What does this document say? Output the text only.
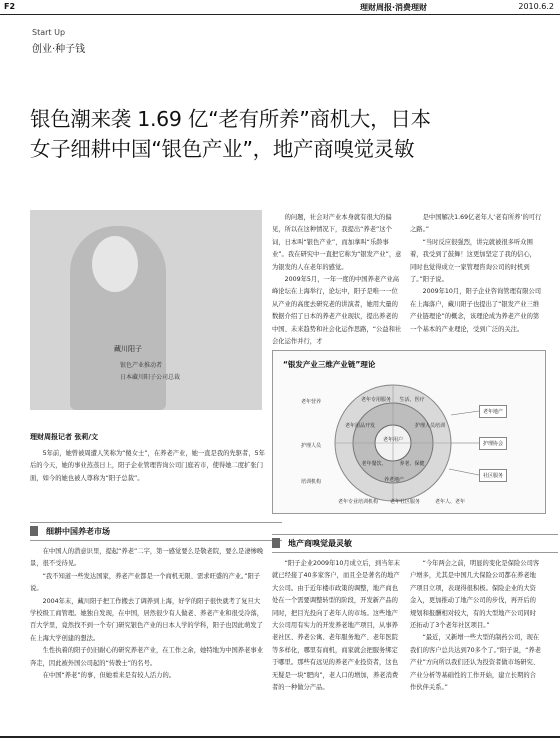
F2	理财周报·消费理财	2010.6.2
Start Up
创业·种子钱
银色潮来袭 1.69 亿“老有所养”商机大，日本
女子细耕中国“银色产业”，地产商嗅觉灵敏
藏川阳子
银色产业推动者
日本藏川阳子公司总裁
理财周报记者 张莉/文

5年前，她曾被周遭人笑称为“傻女士”，在养老产业，她一直是我的先驱者，5年后的今天，她的事业蒸蒸日上，阳子企业管理咨询公司门庭若市，使得她二度扩张门面，如今的她也被人尊称为“阳子总裁”。

细耕中国养老市场

在中国人的潜意识里，提起“养老”二字，第一感觉要么是敬老院，要么是凄惨晚景，很不受待见。

“我不知道一些发达国家，养老产业都是一个商机无限、需求旺盛的产业。”阳子说。

2004年末，藏川阳子把工作搬去了调养到上海，好学的阳子很快就考了复旦大学校级工商管理。她独自发现，在中国，居然很少有人做老、养老产业和很受冷落，百大学里，竟然找不到一个专门研究银色产业的日本人学的学科，阳子也因此萌发了在上海大学创建的想法。

生性执着的阳子仍旧耐心的研究养老产业，在工作之余，她特地为中国养老事业奔走，因此被外国公司起的“传教士”的名号。

在中国“养老”的事，但她看来是有较人活力的。

的问题，社会对产业本身就有很大的偏见，所以在这种情况下，我提出“养老”这个词，日本叫“银色产业”，而加拿叫“乐龄事业”。我在研究中一直把它称为“银发产业”，意为银发的人在老年的感觉。

2009年5月，一年一度的中国养老产业高峰论坛在上海举行，论坛中，阳子是唯一一位从产业的高度去研究老的讲演者，她用大量的数据介绍了日本的养老产业现状，提出养老的中国、未来趋势和社会化运作思路，“公益和社会化运作并行，才

是中国解决1.69亿老年人‘老有所养’的可行之路。”

“当时反应很强烈，讲完就被很多听众围着，我受到了鼓舞！这更加坚定了我的信心，同时也觉得成立一家管理咨询公司的时机到了。”阳子说。

2009年10月，阳子企业咨询管理有限公司在上海落户，藏川阳子也提出了“银发产业三维产业链理论”的概念，该理论成为养老产业的第一个基本的产业理论，受到广泛的关注。

“银发产业三维产业链”理论
老年用户
老年专用服务	生活、医疗
护理人员培训
老年用品开发
老年餐饮、	养老、保健
养老地产
老年营养
护理人员
培训机构
老年地产
护理协会
社区服务
老年专业培训机构	老年社区服务	老年人、老年
地产商嗅觉最灵敏

“阳子企业2009年10月成立后，到当年末就已经接了40多家客户，而且全是著名的地产大公司。由于近年楼市政策的调整，地产商也处在一个需要调整转型的阶段，开发新产品的同时，把目光投向了老年人的市场。这些地产大公司用有实力的开发养老地产项目，从事养老社区、养老公寓、老年服务地产、老年医院等多样化，哪里有商机，商家就会把服务绑定于哪里。那些有远见的养老产业投资者，这也无疑是一块“肥肉”，老人口的增加，养老消费者的一种做分产品。

“今年两会之前，明显的变化是保险公司客户增多，尤其是中国几大保险公司都在养老地产项目立项，表现得很积极。保险企业的大资金入，更加推动了地产公司的步伐，再开后的规划和报酬相对较大，有的大型地产公司同时还拓动了3个老年社区项目。”

“最近，又新增一些大型的制药公司，现在我们的客户总共达到70多个了。”阳子说，“养老产业”方向所以我们还认为投资者做市场研究、产业分析等基础性的工作开始，建立长期的合作伙伴关系。”
